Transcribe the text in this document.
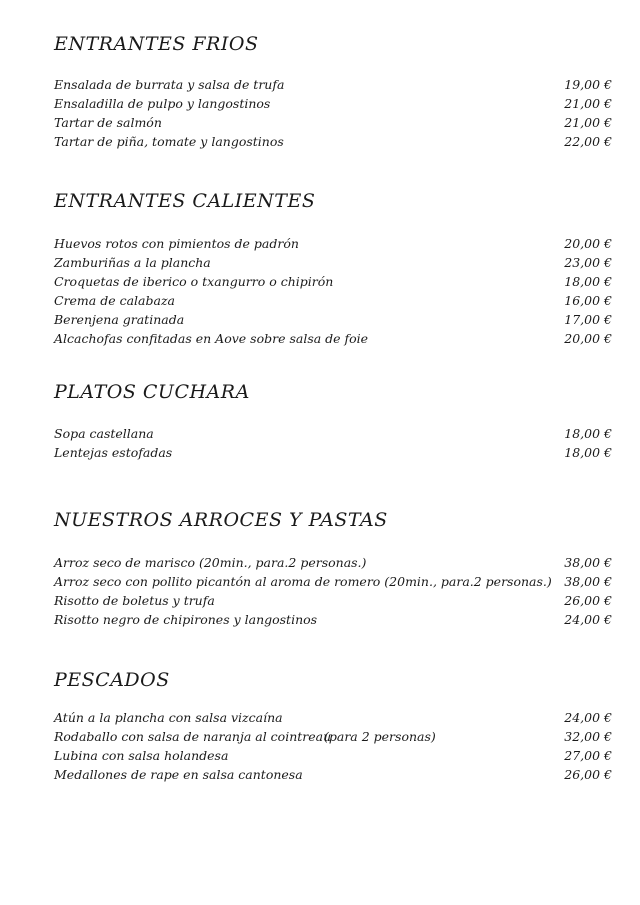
ENTRANTES FRIOS
Ensalada de burrata y salsa de trufa	19,00 €
Ensaladilla de pulpo y langostinos	21,00 €
Tartar de salmón	21,00 €
Tartar de piña, tomate y langostinos	22,00 €
ENTRANTES CALIENTES
Huevos rotos con pimientos de padrón	20,00 €
Zamburiñas a la plancha	23,00 €
Croquetas de iberico o txangurro o chipirón	18,00 €
Crema de calabaza	16,00 €
Berenjena gratinada	17,00 €
Alcachofas confitadas en Aove sobre salsa de foie	20,00 €
PLATOS CUCHARA
Sopa castellana	18,00 €
Lentejas estofadas	18,00 €
NUESTROS ARROCES Y PASTAS
Arroz seco de marisco (20min., para.2 personas.)	38,00 €
Arroz seco con pollito picantón al aroma de romero (20min., para.2 personas.) 38,00 €
Risotto de boletus y trufa	26,00 €
Risotto negro de chipirones y langostinos	24,00 €
PESCADOS
Atún a la plancha con salsa vizcaína	24,00 €
Rodaballo con salsa de naranja al cointreau
(para 2 personas)	32,00 €
Lubina con salsa holandesa	27,00 €
Medallones de rape en salsa cantonesa	26,00 €
